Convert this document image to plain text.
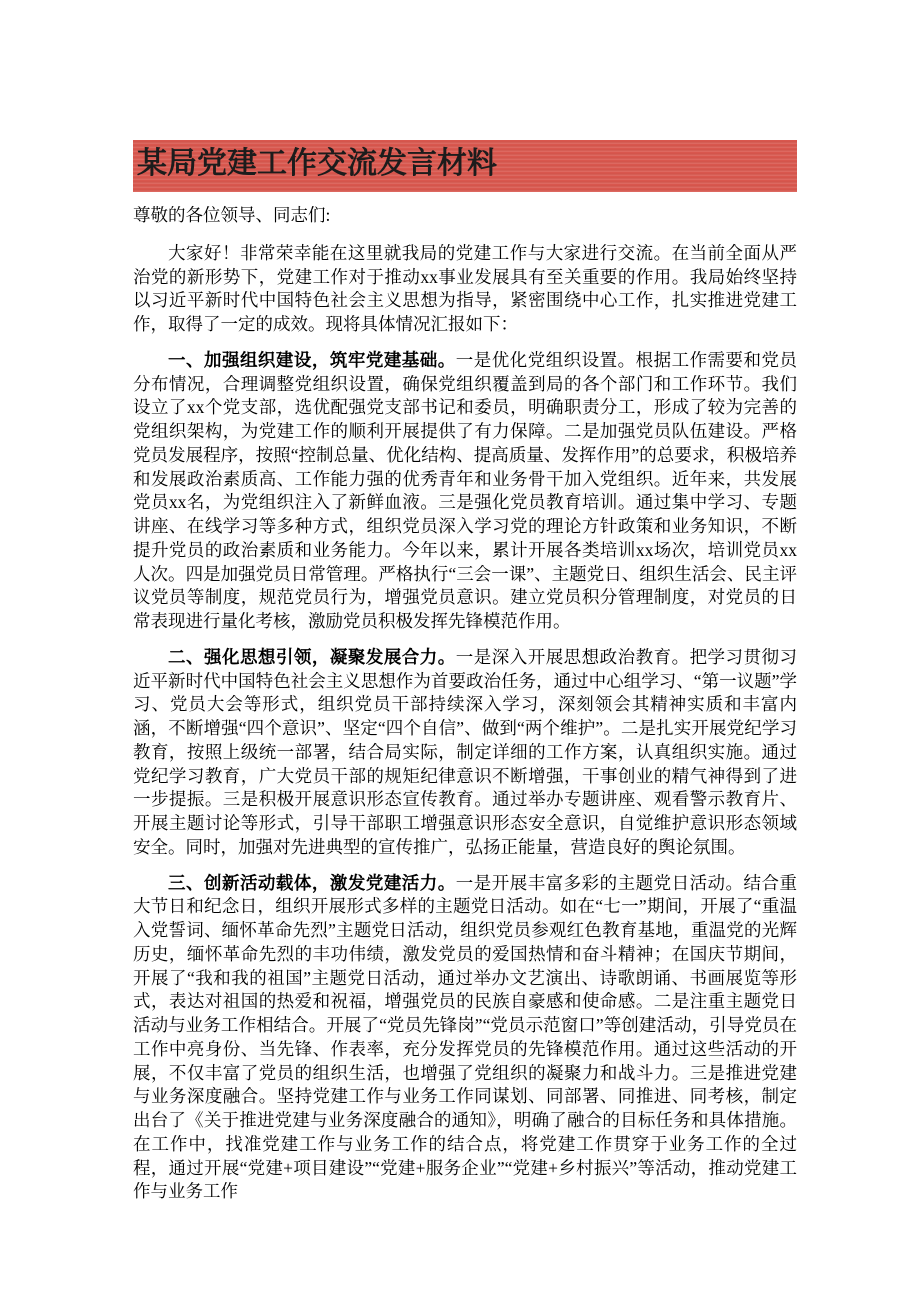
某局党建工作交流发言材料

尊敬的各位领导、同志们:

大家好！非常荣幸能在这里就我局的党建工作与大家进行交流。在当前全面从严治党的新形势下，党建工作对于推动xx事业发展具有至关重要的作用。我局始终坚持以习近平新时代中国特色社会主义思想为指导，紧密围绕中心工作，扎实推进党建工作，取得了一定的成效。现将具体情况汇报如下：

一、加强组织建设，筑牢党建基础。一是优化党组织设置。根据工作需要和党员分布情况，合理调整党组织设置，确保党组织覆盖到局的各个部门和工作环节。我们设立了xx个党支部，选优配强党支部书记和委员，明确职责分工，形成了较为完善的党组织架构，为党建工作的顺利开展提供了有力保障。二是加强党员队伍建设。严格党员发展程序，按照“控制总量、优化结构、提高质量、发挥作用”的总要求，积极培养和发展政治素质高、工作能力强的优秀青年和业务骨干加入党组织。近年来，共发展党员xx名，为党组织注入了新鲜血液。三是强化党员教育培训。通过集中学习、专题讲座、在线学习等多种方式，组织党员深入学习党的理论方针政策和业务知识，不断提升党员的政治素质和业务能力。今年以来，累计开展各类培训xx场次，培训党员xx人次。四是加强党员日常管理。严格执行“三会一课”、主题党日、组织生活会、民主评议党员等制度，规范党员行为，增强党员意识。建立党员积分管理制度，对党员的日常表现进行量化考核，激励党员积极发挥先锋模范作用。

二、强化思想引领，凝聚发展合力。一是深入开展思想政治教育。把学习贯彻习近平新时代中国特色社会主义思想作为首要政治任务，通过中心组学习、“第一议题”学习、党员大会等形式，组织党员干部持续深入学习，深刻领会其精神实质和丰富内涵，不断增强“四个意识”、坚定“四个自信”、做到“两个维护”。二是扎实开展党纪学习教育，按照上级统一部署，结合局实际，制定详细的工作方案，认真组织实施。通过党纪学习教育，广大党员干部的规矩纪律意识不断增强，干事创业的精气神得到了进一步提振。三是积极开展意识形态宣传教育。通过举办专题讲座、观看警示教育片、开展主题讨论等形式，引导干部职工增强意识形态安全意识，自觉维护意识形态领域安全。同时，加强对先进典型的宣传推广，弘扬正能量，营造良好的舆论氛围。

三、创新活动载体，激发党建活力。一是开展丰富多彩的主题党日活动。结合重大节日和纪念日，组织开展形式多样的主题党日活动。如在“七一”期间，开展了“重温入党誓词、缅怀革命先烈”主题党日活动，组织党员参观红色教育基地，重温党的光辉历史，缅怀革命先烈的丰功伟绩，激发党员的爱国热情和奋斗精神；在国庆节期间，开展了“我和我的祖国”主题党日活动，通过举办文艺演出、诗歌朗诵、书画展览等形式，表达对祖国的热爱和祝福，增强党员的民族自豪感和使命感。二是注重主题党日活动与业务工作相结合。开展了“党员先锋岗”“党员示范窗口”等创建活动，引导党员在工作中亮身份、当先锋、作表率，充分发挥党员的先锋模范作用。通过这些活动的开展，不仅丰富了党员的组织生活，也增强了党组织的凝聚力和战斗力。三是推进党建与业务深度融合。坚持党建工作与业务工作同谋划、同部署、同推进、同考核，制定出台了《关于推进党建与业务深度融合的通知》，明确了融合的目标任务和具体措施。在工作中，找准党建工作与业务工作的结合点，将党建工作贯穿于业务工作的全过程，通过开展“党建+项目建设”“党建+服务企业”“党建+乡村振兴”等活动，推动党建工作与业务工作
